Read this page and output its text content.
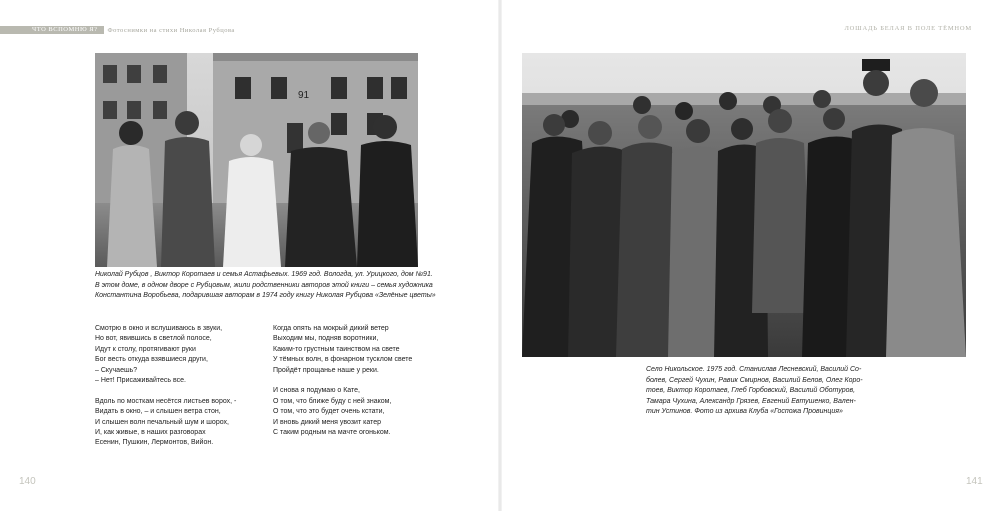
ЧТО ВСПОМНЮ Я?	Фотоснимки на стихи Николая Рубцова	ЛОШАДЬ БЕЛАЯ В ПОЛЕ ТЁМНОМ
91
Николай Рубцов , Виктор Коротаев и семья Астафьевых. 1969 год. Вологда, ул. Урицкого, дом №91.
В этом доме, в одном дворе с Рубцовым, жили родственники авторов этой книги – семья художника
Константина Воробьева, подарившая авторам в 1974 году книгу Николая Рубцова «Зелёные цветы»
Смотрю в окно и вслушиваюсь в звуки,
Но вот, явившись в светлой полосе,
Идут к столу, протягивают руки
Бог весть откуда взявшиеся други,
– Скучаешь?
– Нет! Присаживайтесь все.
Вдоль по мосткам несётся листьев ворох, -
Видать в окно, – и слышен ветра стон,
И слышен волн печальный шум и шорох,
И, как живые, в наших разговорах
Есенин, Пушкин, Лермонтов, Вийон.
Когда опять на мокрый дикий ветер
Выходим мы, подняв воротники,
Каким-то грустным таинством на свете
У тёмных волн, в фонарном тусклом свете
Пройдёт прощанье наше у реки.
И снова я подумаю о Кате,
О том, что ближе буду с ней знаком,
О том, что это будет очень кстати,
И вновь дикий меня увозит катер
С таким родным на мачте огоньком.
Село Никольское. 1975 год. Станислав Лесневский, Василий Со-
болев, Сергей Чухин, Равик Смирнов, Василий Белов, Олег Коро-
тоев, Виктор Коротаев, Глеб Горбовский, Василий Оботуров,
Тамара Чухина, Александр Грязев, Евгений Евтушенко, Вален-
тин Устинов. Фото из архива Клуба «Госпожа Провинция»
140	141
